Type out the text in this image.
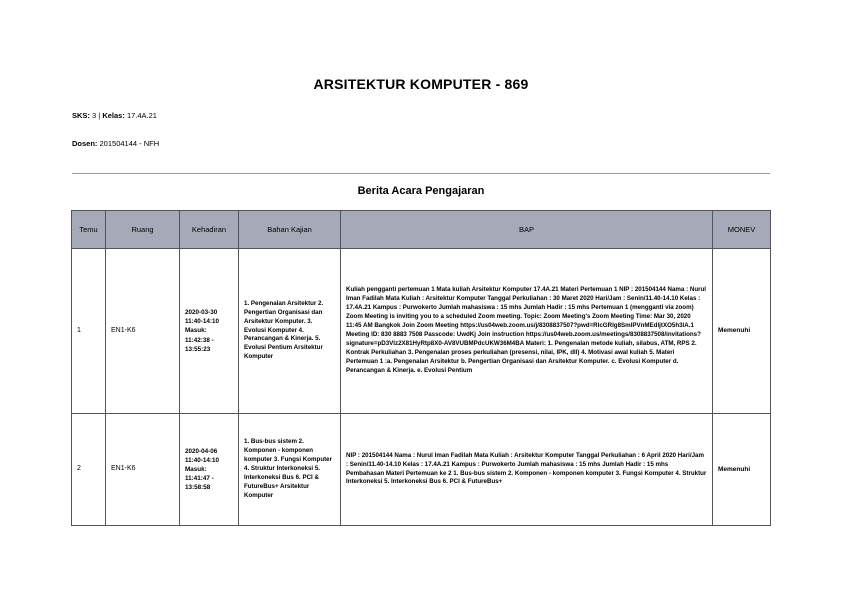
ARSITEKTUR KOMPUTER - 869
SKS: 3 | Kelas: 17.4A.21
Dosen: 201504144 - NFH
Berita Acara Pengajaran
Temu	Ruang	Kehadiran	Bahan Kajian	BAP	MONEV
1	EN1-K6	2020-03-30 11:40-14:10 Masuk: 11:42:38 - 13:55:23	1. Pengenalan Arsitektur 2. Pengertian Organisasi dan Arsitektur Komputer. 3. Evolusi Komputer 4. Perancangan & Kinerja. 5. Evolusi Pentium Arsitektur Komputer	Kuliah pengganti pertemuan 1 Mata kuliah Arsitektur Komputer 17.4A.21 Materi Pertemuan 1 NIP : 201504144 Nama : Nurul Iman Fadilah Mata Kuliah : Arsitektur Komputer Tanggal Perkuliahan : 30 Maret 2020 Hari/Jam : Senin/11.40-14.10 Kelas : 17.4A.21 Kampus : Purwokerto Jumlah mahasiswa : 15 mhs Jumlah Hadir : 15 mhs Pertemuan 1 (mengganti via zoom) Zoom Meeting is inviting you to a scheduled Zoom meeting. Topic: Zoom Meeting's Zoom Meeting Time: Mar 30, 2020 11:45 AM Bangkok Join Zoom Meeting https://us04web.zoom.us/j/8308837507?pwd=RlcGRlg8SmlPVnMEdljtXO5h3lA.1 Meeting ID: 830 8883 7508 Passcode: UwdKj Join instruction https://us04web.zoom.us/meetings/8308837508/invitations?signature=pD3Vlz2X81HyRtp8X0-AV8VUBMPdcUKW36M4BA Materi: 1. Pengenalan metode kuliah, silabus, ATM, RPS 2. Kontrak Perkuliahan 3. Pengenalan proses perkuliahan (presensi, nilai, IPK, dll) 4. Motivasi awal kuliah 5. Materi Pertemuan 1 :a. Pengenalan Arsitektur b. Pengertian Organisasi dan Arsitektur Komputer. c. Evolusi Komputer d. Perancangan & Kinerja. e. Evolusi Pentium	Memenuhi
2	EN1-K6	2020-04-06 11:40-14:10 Masuk: 11:41:47 - 13:58:58	1. Bus-bus sistem 2. Komponen - komponen komputer 3. Fungsi Komputer 4. Struktur Interkoneksi 5. Interkoneksi Bus 6. PCI & FutureBus+ Arsitektur Komputer	NIP : 201504144 Nama : Nurul Iman Fadilah Mata Kuliah : Arsitektur Komputer Tanggal Perkuliahan : 6 April 2020 Hari/Jam : Senin/11.40-14.10 Kelas : 17.4A.21 Kampus : Purwokerto Jumlah mahasiswa : 15 mhs Jumlah Hadir : 15 mhs Pembahasan Materi Pertemuan ke 2 1. Bus-bus sistem 2. Komponen - komponen komputer 3. Fungsi Komputer 4. Struktur Interkoneksi 5. Interkoneksi Bus 6. PCI & FutureBus+	Memenuhi
